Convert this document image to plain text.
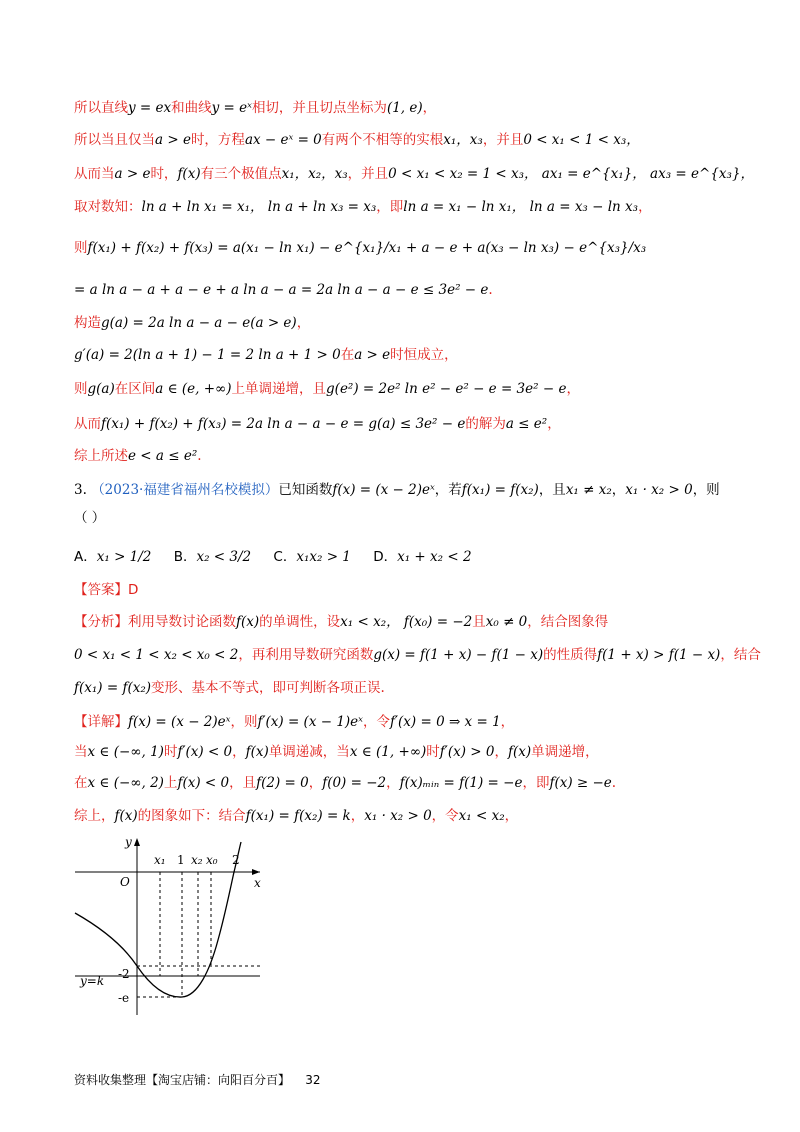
所以直线y = ex和曲线y = eˣ相切，并且切点坐标为(1, e)，
所以当且仅当a > e时，方程ax − eˣ = 0有两个不相等的实根x₁，x₃，并且0 < x₁ < 1 < x₃，
从而当a > e时，f(x)有三个极值点x₁，x₂，x₃，并且0 < x₁ < x₂ = 1 < x₃， ax₁ = e^{x₁}， ax₃ = e^{x₃}，
取对数知：ln a + ln x₁ = x₁， ln a + ln x₃ = x₃，即ln a = x₁ − ln x₁， ln a = x₃ − ln x₃，
则f(x₁) + f(x₂) + f(x₃) = a(x₁ − ln x₁) − e^{x₁}/x₁ + a − e + a(x₃ − ln x₃) − e^{x₃}/x₃
= a ln a − a + a − e + a ln a − a = 2a ln a − a − e ≤ 3e² − e.
构造g(a) = 2a ln a − a − e(a > e)，
g′(a) = 2(ln a + 1) − 1 = 2 ln a + 1 > 0在a > e时恒成立，
则g(a)在区间a ∈ (e, +∞)上单调递增，且g(e²) = 2e² ln e² − e² − e = 3e² − e，
从而f(x₁) + f(x₂) + f(x₃) = 2a ln a − a − e = g(a) ≤ 3e² − e的解为a ≤ e²，
综上所述e < a ≤ e².
3. （2023·福建省福州名校模拟）已知函数f(x) = (x − 2)eˣ，若f(x₁) = f(x₂)，且x₁ ≠ x₂，x₁ · x₂ > 0，则
（ ）
A．x₁ > 1/2 B．x₂ < 3/2 C．x₁x₂ > 1 D．x₁ + x₂ < 2
【答案】D
【分析】利用导数讨论函数f(x)的单调性，设x₁ < x₂， f(x₀) = −2且x₀ ≠ 0，结合图象得
0 < x₁ < 1 < x₂ < x₀ < 2，再利用导数研究函数g(x) = f(1 + x) − f(1 − x)的性质得f(1 + x) > f(1 − x)，结合
f(x₁) = f(x₂)变形、基本不等式，即可判断各项正误.
【详解】f(x) = (x − 2)eˣ，则f′(x) = (x − 1)eˣ，令f′(x) = 0 ⇒ x = 1，
当x ∈ (−∞, 1)时f′(x) < 0，f(x)单调递减，当x ∈ (1, +∞)时f′(x) > 0，f(x)单调递增，
在x ∈ (−∞, 2)上f(x) < 0，且f(2) = 0，f(0) = −2，f(x)ₘᵢₙ = f(1) = −e，即f(x) ≥ −e.
综上，f(x)的图象如下：结合f(x₁) = f(x₂) = k，x₁ · x₂ > 0，令x₁ < x₂，
y
x
O
x₁ 1 x₂ x₀ 2
-2
-e
y=k
资料收集整理【淘宝店铺：向阳百分百】 32
